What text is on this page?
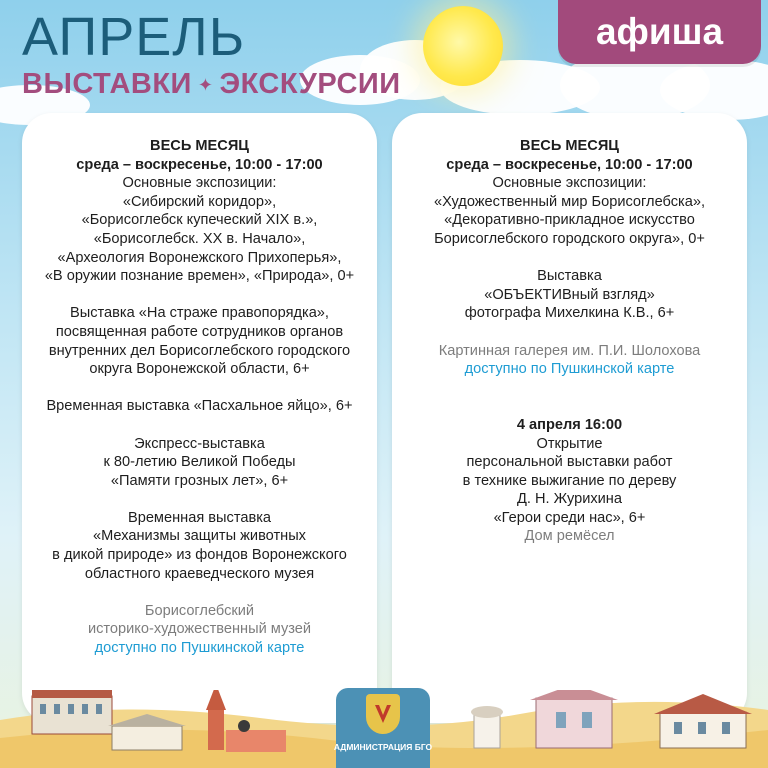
АПРЕЛЬ
ВЫСТАВКИ ✦ ЭКСКУРСИИ
афиша

ВЕСЬ МЕСЯЦ

среда – воскресенье, 10:00 - 17:00

Основные экспозиции:

«Сибирский коридор»,

«Борисоглебск купеческий XIX в.»,

«Борисоглебск. XX в. Начало»,

«Археология Воронежского Прихоперья»,

«В оружии познание времен», «Природа», 0+

Выставка «На страже правопорядка»,

посвященная работе сотрудников органов

внутренних дел Борисоглебского городского

округа Воронежской области, 6+

Временная выставка «Пасхальное яйцо», 6+

Экспресс-выставка

к 80-летию Великой Победы

«Памяти грозных лет», 6+

Временная выставка

«Механизмы защиты животных

в дикой природе» из фондов Воронежского

областного краеведческого музея

Борисоглебский

историко-художественный музей

доступно по Пушкинской карте

ВЕСЬ МЕСЯЦ

среда – воскресенье, 10:00 - 17:00

Основные экспозиции:

«Художественный мир Борисоглебска»,

«Декоративно-прикладное искусство

Борисоглебского городского округа», 0+

Выставка

«ОБЪЕКТИВный взгляд»

фотографа Михелкина К.В., 6+

Картинная галерея им. П.И. Шолохова

доступно по Пушкинской карте

4 апреля 16:00

Открытие

персональной выставки работ

в технике выжигание по дереву

Д. Н. Журихина

«Герои среди нас», 6+

Дом ремёсел

АДМИНИСТРАЦИЯ БГО
